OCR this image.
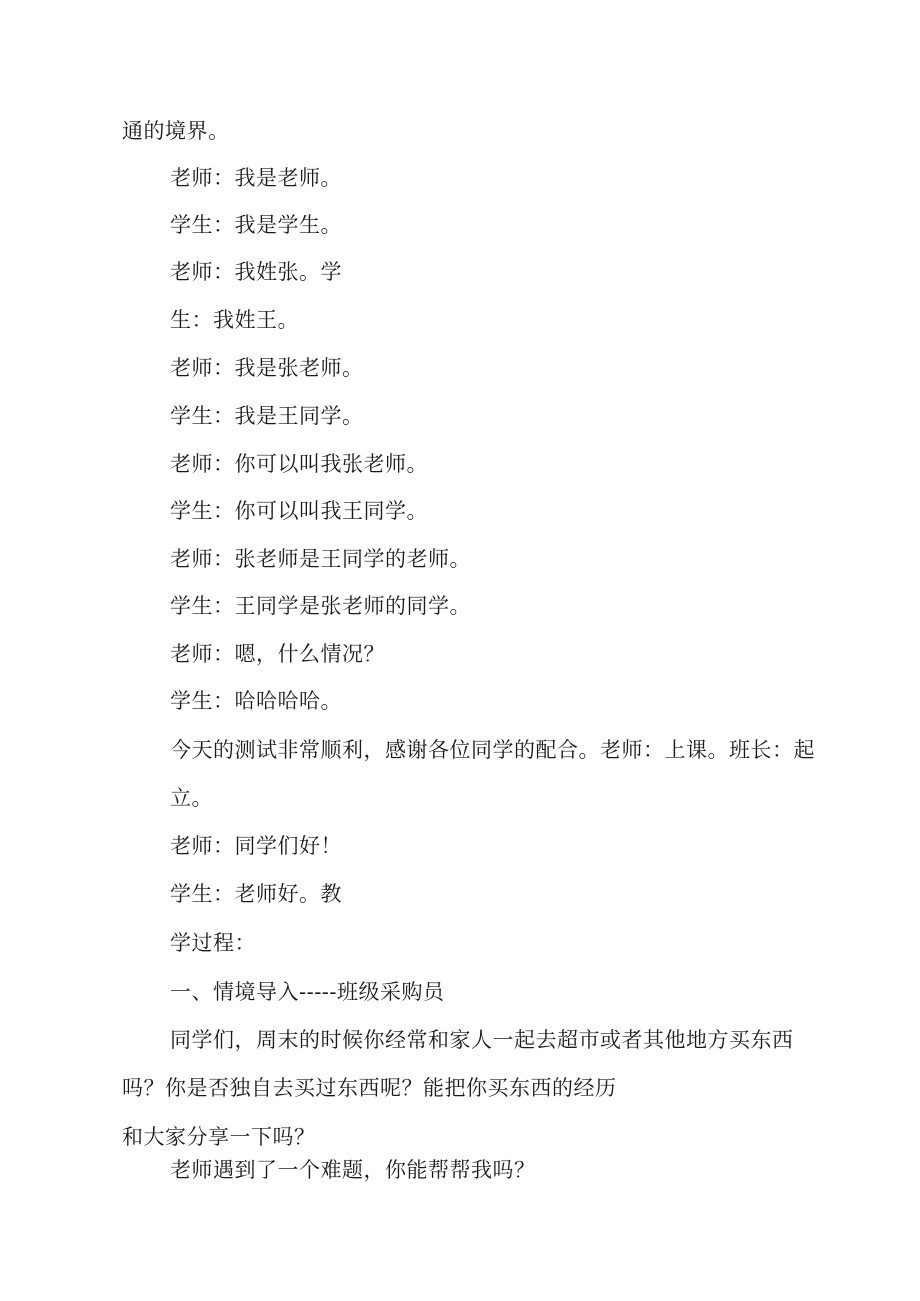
通的境界。
老师：我是老师。
学生：我是学生。
老师：我姓张。学
生：我姓王。
老师：我是张老师。
学生：我是王同学。
老师：你可以叫我张老师。
学生：你可以叫我王同学。
老师：张老师是王同学的老师。
学生：王同学是张老师的同学。
老师：嗯，什么情况？
学生：哈哈哈哈。
今天的测试非常顺利，感谢各位同学的配合。老师：上课。班长：起
立。
老师：同学们好！
学生：老师好。教
学过程：
一、情境导入-----班级采购员
同学们，周末的时候你经常和家人一起去超市或者其他地方买东西
吗？你是否独自去买过东西呢？能把你买东西的经历
和大家分享一下吗？
老师遇到了一个难题，你能帮帮我吗？
